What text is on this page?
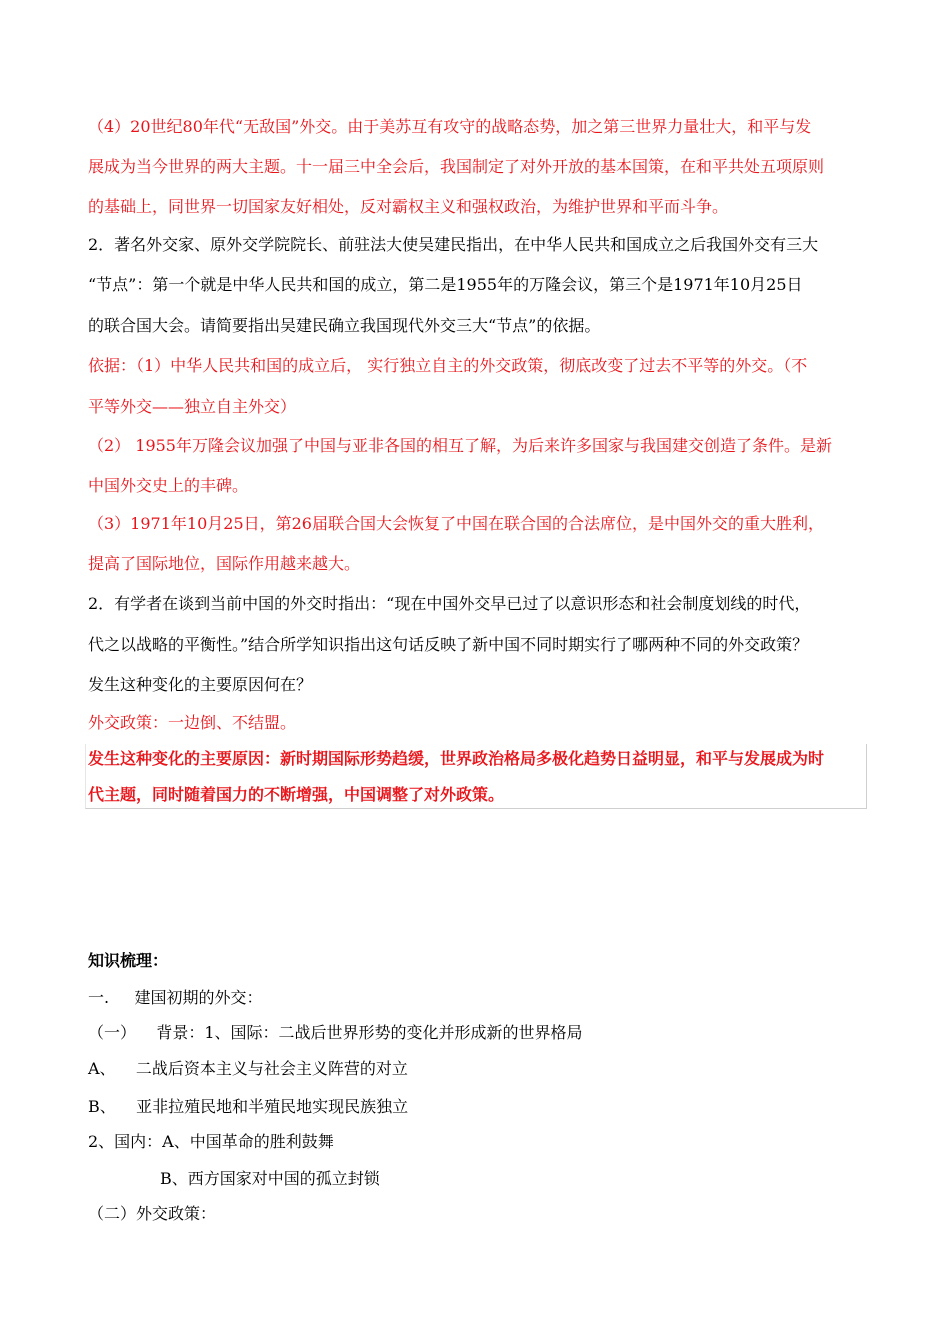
（4）20世纪80年代“无敌国”外交。由于美苏互有攻守的战略态势，加之第三世界力量壮大，和平与发
展成为当今世界的两大主题。十一届三中全会后，我国制定了对外开放的基本国策，在和平共处五项原则
的基础上，同世界一切国家友好相处，反对霸权主义和强权政治，为维护世界和平而斗争。
2．著名外交家、原外交学院院长、前驻法大使吴建民指出，在中华人民共和国成立之后我国外交有三大
“节点”：第一个就是中华人民共和国的成立，第二是1955年的万隆会议，第三个是1971年10月25日
的联合国大会。请简要指出吴建民确立我国现代外交三大“节点”的依据。
依据：（1）中华人民共和国的成立后， 实行独立自主的外交政策，彻底改变了过去不平等的外交。（不
平等外交——独立自主外交）
（2） 1955年万隆会议加强了中国与亚非各国的相互了解，为后来许多国家与我国建交创造了条件。是新
中国外交史上的丰碑。
（3）1971年10月25日，第26届联合国大会恢复了中国在联合国的合法席位，是中国外交的重大胜利，
提高了国际地位，国际作用越来越大。
2．有学者在谈到当前中国的外交时指出：“现在中国外交早已过了以意识形态和社会制度划线的时代，
代之以战略的平衡性。”结合所学知识指出这句话反映了新中国不同时期实行了哪两种不同的外交政策？
发生这种变化的主要原因何在？
外交政策：一边倒、不结盟。
发生这种变化的主要原因：新时期国际形势趋缓，世界政治格局多极化趋势日益明显，和平与发展成为时
代主题，同时随着国力的不断增强，中国调整了对外政策。
知识梳理：
一.     建国初期的外交：
（一）    背景：1、国际：二战后世界形势的变化并形成新的世界格局
A、    二战后资本主义与社会主义阵营的对立
B、    亚非拉殖民地和半殖民地实现民族独立
2、国内：A、中国革命的胜利鼓舞
B、西方国家对中国的孤立封锁
（二）外交政策：
